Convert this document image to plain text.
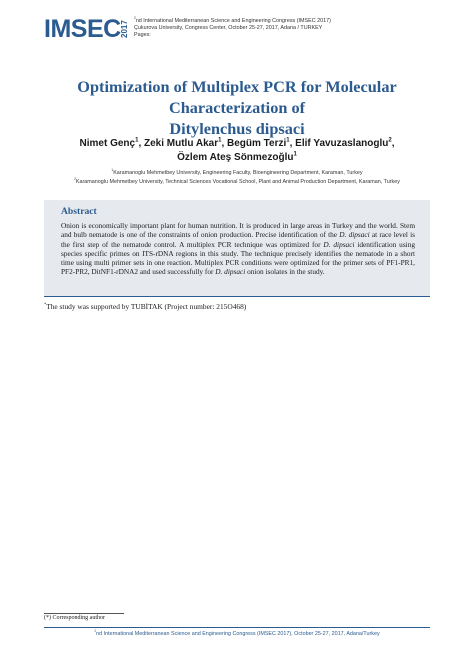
IMSEC 2017
$^2$nd International Mediterranean Science and Engineering Congress (IMSEC 2017)
Çukurova University, Congress Center, October 25-27, 2017, Adana / TURKEY
Pages:
Optimization of Multiplex PCR for Molecular Characterization of
Ditylenchus dipsaci
Nimet Genç$^1$, Zeki Mutlu Akar$^1$, Begüm Terzi$^1$, Elif Yavuzaslanoglu$^2$,
Özlem Ateş Sönmezoğlu$^1$
$^1$Karamanoglu Mehmetbey University, Engineering Faculty, Bioengineering Department, Karaman, Turkey
$^2$Karamanoglu Mehmetbey University, Technical Sciences Vocational School, Plant and Animal Production Department, Karaman, Turkey
Abstract
Onion is economically important plant for human nutrition. It is produced in large areas in Turkey and the world. Stem and bulb nematode is one of the constraints of onion production. Precise identification of the D. dipsaci at race level is the first step of the nematode control. A multiplex PCR technique was optimized for D. dipsaci identification using species specific primes on ITS-rDNA regions in this study. The technique precisely identifies the nematode in a short time using multi primer sets in one reaction. Multiplex PCR conditions were optimized for the primer sets of PF1-PR1, PF2-PR2, DitNF1-rDNA2 and used successfully for D. dipsaci onion isolates in the study.
*The study was supported by TUBİTAK (Project number: 215O468)
(*) Corresponding author
$^2$nd International Mediterranean Science and Engineering Congress (IMSEC 2017), October 25-27, 2017, Adana/Turkey
